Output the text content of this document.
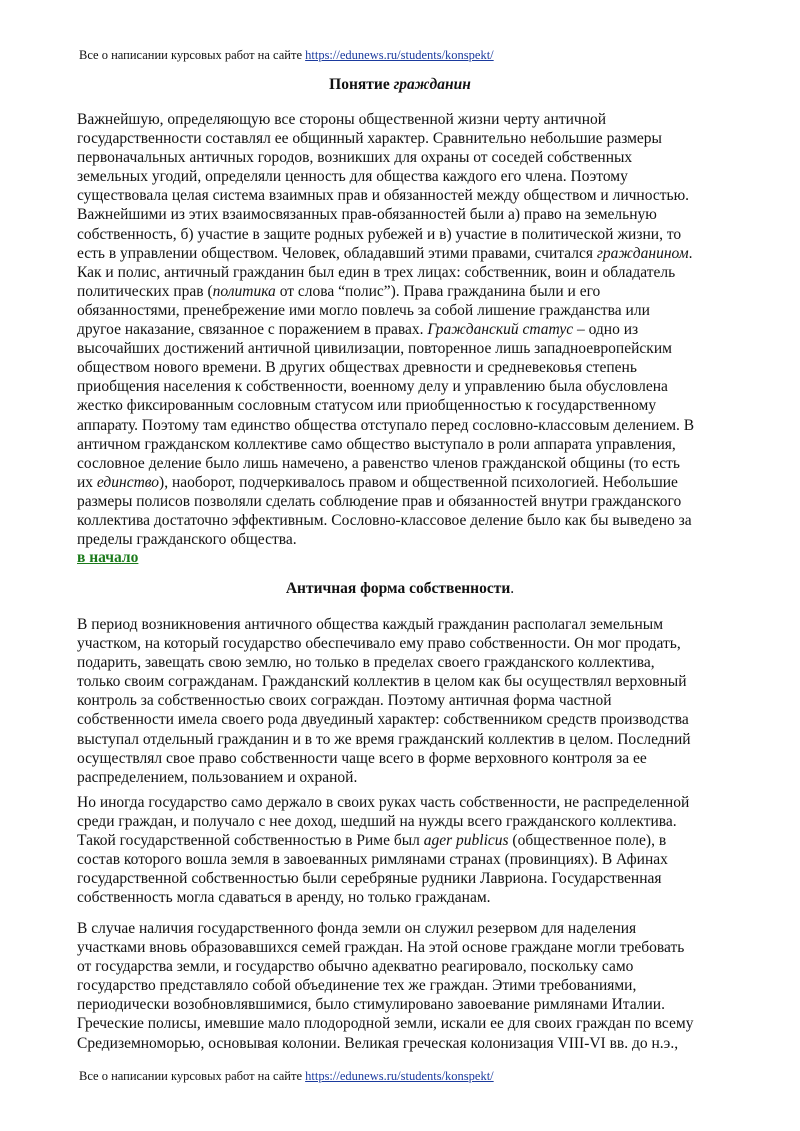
Все о написании курсовых работ на сайте https://edunews.ru/students/konspekt/
Понятие гражданин
Важнейшую, определяющую все стороны общественной жизни черту античной
государственности составлял ее общинный характер. Сравнительно небольшие размеры
первоначальных античных городов, возникших для охраны от соседей собственных
земельных угодий, определяли ценность для общества каждого его члена. Поэтому
существовала целая система взаимных прав и обязанностей между обществом и личностью.
Важнейшими из этих взаимосвязанных прав-обязанностей были а) право на земельную
собственность, б) участие в защите родных рубежей и в) участие в политической жизни, то
есть в управлении обществом. Человек, обладавший этими правами, считался гражданином.
Как и полис, античный гражданин был един в трех лицах: собственник, воин и обладатель
политических прав (политика от слова “полис”). Права гражданина были и его
обязанностями, пренебрежение ими могло повлечь за собой лишение гражданства или
другое наказание, связанное с поражением в правах. Гражданский статус – одно из
высочайших достижений античной цивилизации, повторенное лишь западноевропейским
обществом нового времени. В других обществах древности и средневековья степень
приобщения населения к собственности, военному делу и управлению была обусловлена
жестко фиксированным сословным статусом или приобщенностью к государственному
аппарату. Поэтому там единство общества отступало перед сословно-классовым делением. В
античном гражданском коллективе само общество выступало в роли аппарата управления,
сословное деление было лишь намечено, а равенство членов гражданской общины (то есть
их единство), наоборот, подчеркивалось правом и общественной психологией. Небольшие
размеры полисов позволяли сделать соблюдение прав и обязанностей внутри гражданского
коллектива достаточно эффективным. Сословно-классовое деление было как бы выведено за
пределы гражданского общества.
в начало
Античная форма собственности.
В период возникновения античного общества каждый гражданин располагал земельным
участком, на который государство обеспечивало ему право собственности. Он мог продать,
подарить, завещать свою землю, но только в пределах своего гражданского коллектива,
только своим согражданам. Гражданский коллектив в целом как бы осуществлял верховный
контроль за собственностью своих сограждан. Поэтому античная форма частной
собственности имела своего рода двуединый характер: собственником средств производства
выступал отдельный гражданин и в то же время гражданский коллектив в целом. Последний
осуществлял свое право собственности чаще всего в форме верховного контроля за ее
распределением, пользованием и охраной.
Но иногда государство само держало в своих руках часть собственности, не распределенной
среди граждан, и получало с нее доход, шедший на нужды всего гражданского коллектива.
Такой государственной собственностью в Риме был ager publicus (общественное поле), в
состав которого вошла земля в завоеванных римлянами странах (провинциях). В Афинах
государственной собственностью были серебряные рудники Лавриона. Государственная
собственность могла сдаваться в аренду, но только гражданам.
В случае наличия государственного фонда земли он служил резервом для наделения
участками вновь образовавшихся семей граждан. На этой основе граждане могли требовать
от государства земли, и государство обычно адекватно реагировало, поскольку само
государство представляло собой объединение тех же граждан. Этими требованиями,
периодически возобновлявшимися, было стимулировано завоевание римлянами Италии.
Греческие полисы, имевшие мало плодородной земли, искали ее для своих граждан по всему
Средиземноморью, основывая колонии. Великая греческая колонизация VIII-VI вв. до н.э.,
Все о написании курсовых работ на сайте https://edunews.ru/students/konspekt/
